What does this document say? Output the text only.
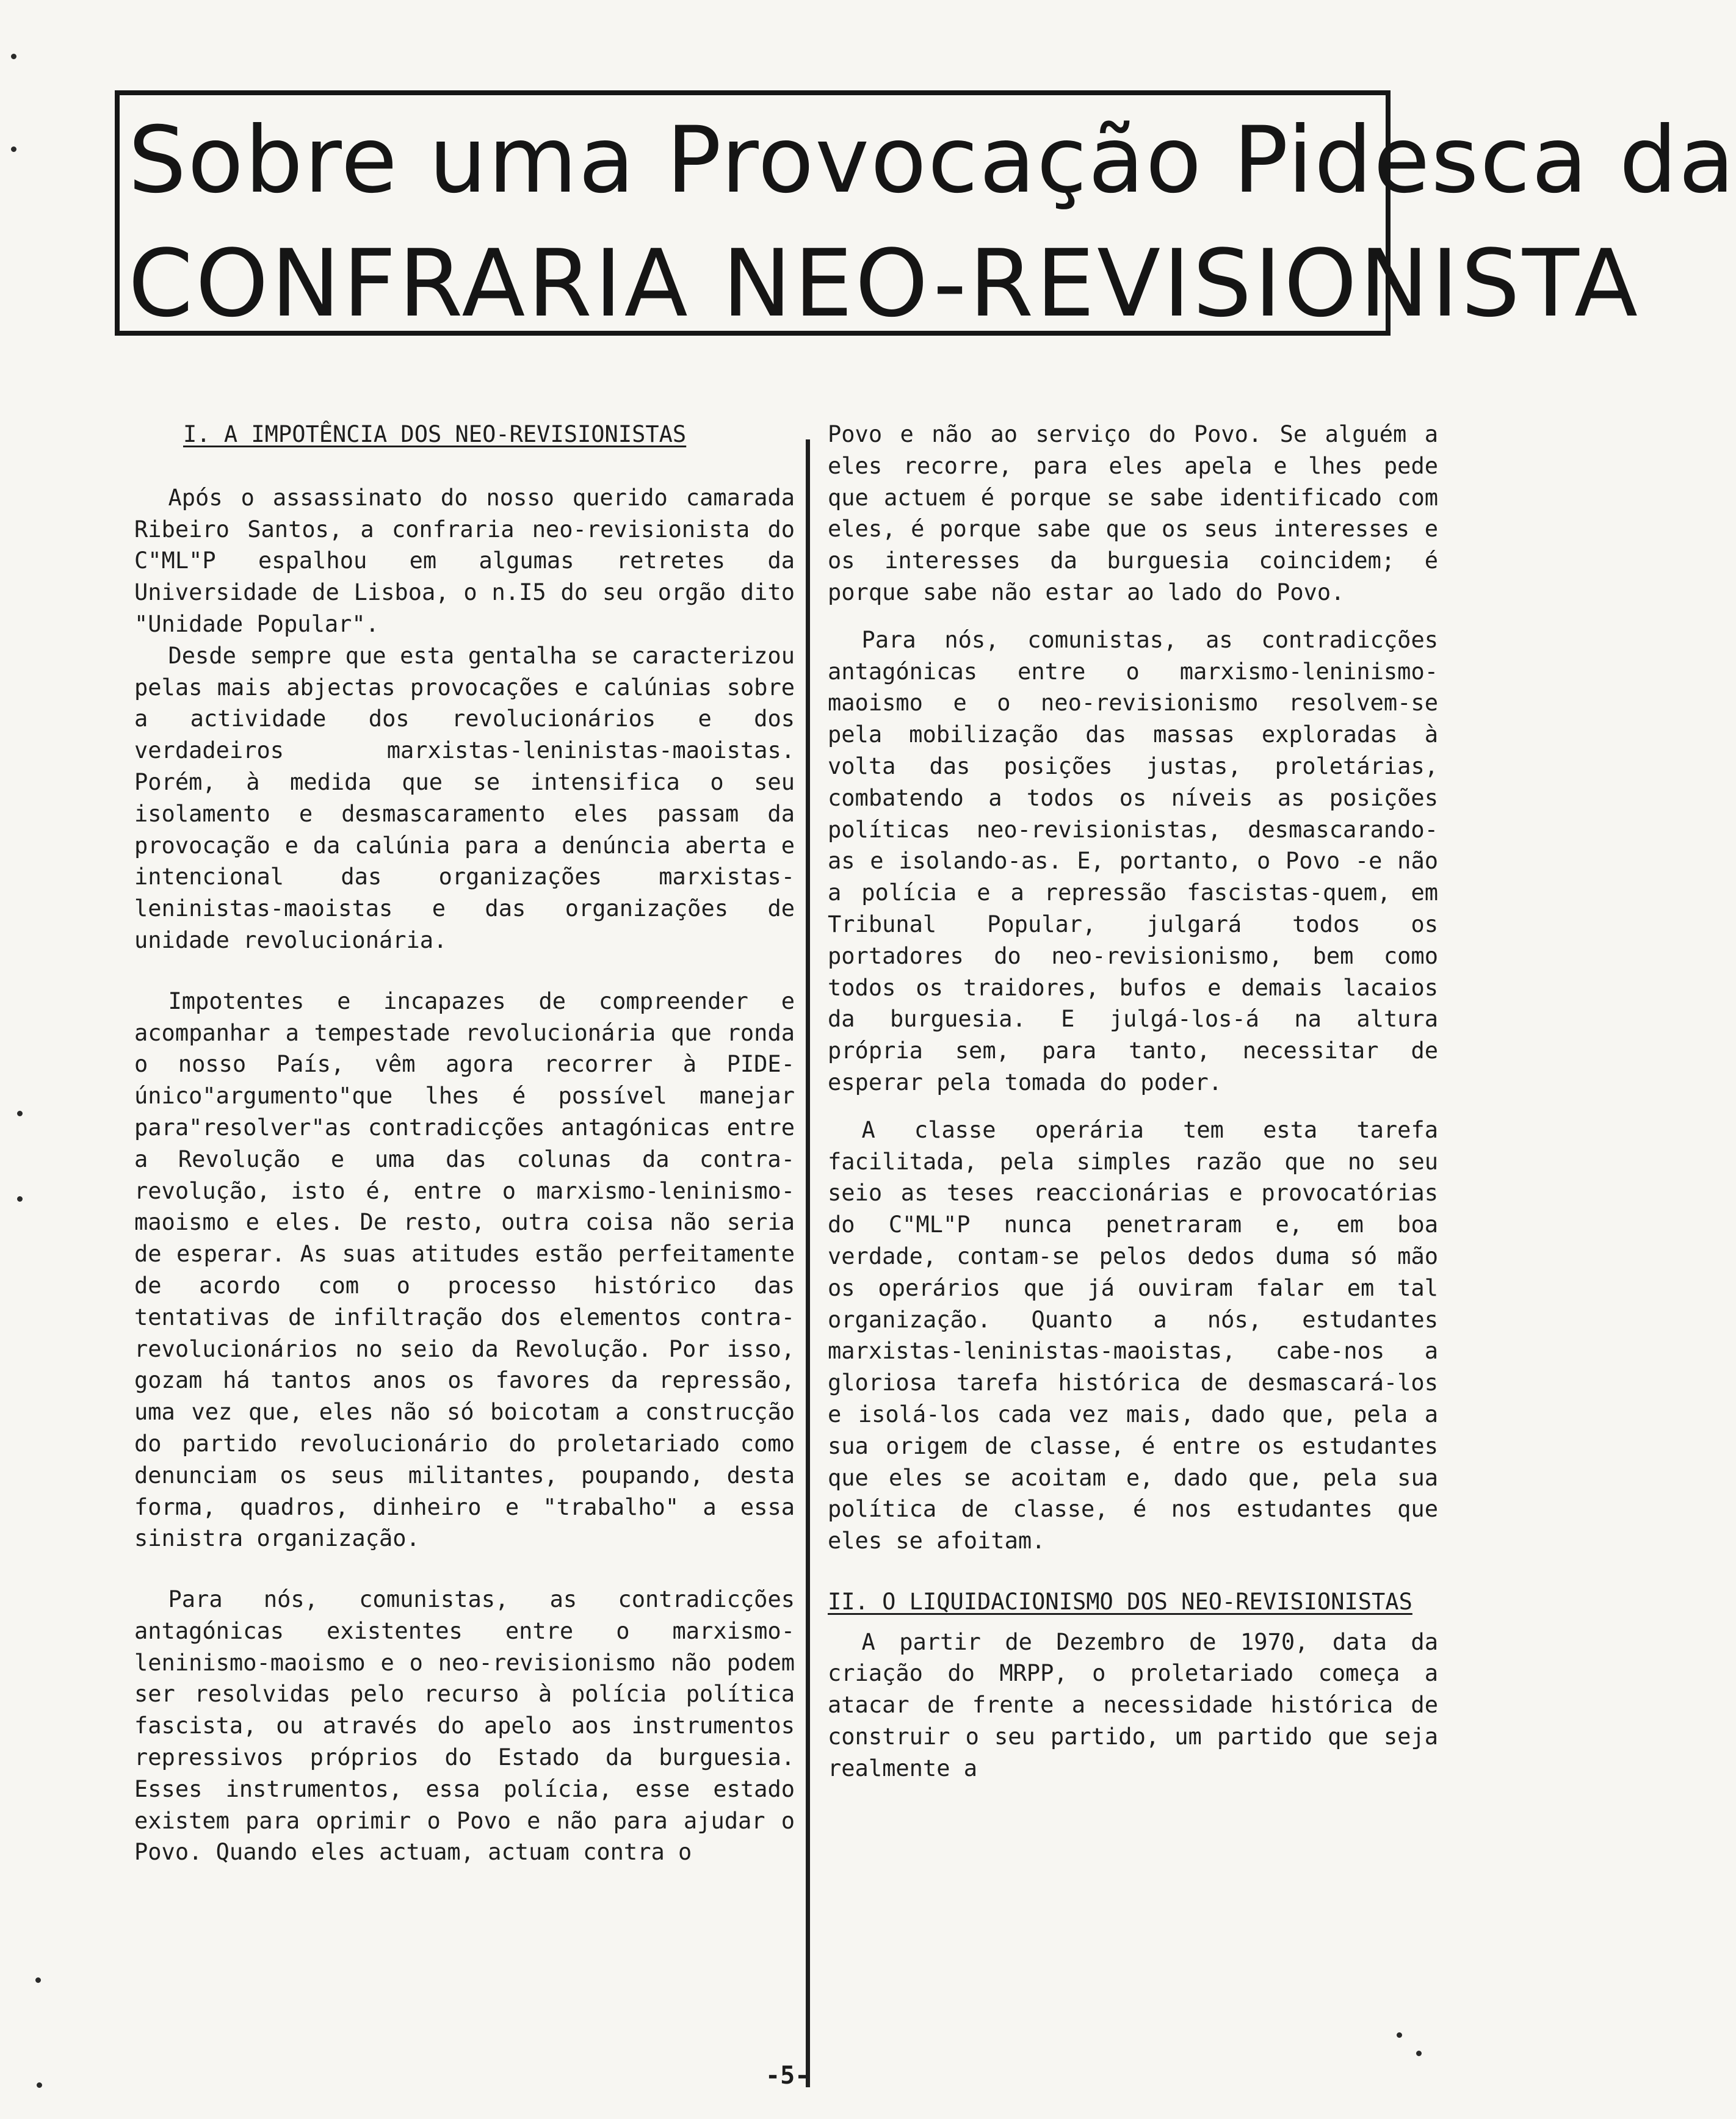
Sobre uma Provocação Pidesca da
CONFRARIA NEO-REVISIONISTA

I. A IMPOTÊNCIA DOS NEO-REVISIONISTAS

Após o assassinato do nosso querido camarada Ribeiro Santos, a confraria neo-revisionista do C"ML"P espalhou em algumas retretes da Universidade de Lisboa, o n.I5 do seu orgão dito "Unidade Popular".

Desde sempre que esta gentalha se caracterizou pelas mais abjectas provocações e calúnias sobre a actividade dos revolucionários e dos verdadeiros marxistas-leninistas-maoistas. Porém, à medida que se intensifica o seu isolamento e desmascaramento eles passam da provocação e da calúnia para a denúncia aberta e intencional das organizações marxistas-leninistas-maoistas e das organizações de unidade revolucionária.

Impotentes e incapazes de compreender e acompanhar a tempestade revolucionária que ronda o nosso País, vêm agora recorrer à PIDE-único"argumento"que lhes é possível manejar para"resolver"as contradicções antagónicas entre a Revolução e uma das colunas da contra-revolução, isto é, entre o marxismo-leninismo-maoismo e eles. De resto, outra coisa não seria de esperar. As suas atitudes estão perfeitamente de acordo com o processo histórico das tentativas de infiltração dos elementos contra-revolucionários no seio da Revolução. Por isso, gozam há tantos anos os favores da repressão, uma vez que, eles não só boicotam a construcção do partido revolucionário do proletariado como denunciam os seus militantes, poupando, desta forma, quadros, dinheiro e "trabalho" a essa sinistra organização.

Para nós, comunistas, as contradicções antagónicas existentes entre o marxismo-leninismo-maoismo e o neo-revisionismo não podem ser resolvidas pelo recurso à polícia política fascista, ou através do apelo aos instrumentos repressivos próprios do Estado da burguesia. Esses instrumentos, essa polícia, esse estado existem para oprimir o Povo e não para ajudar o Povo. Quando eles actuam, actuam contra o

Povo e não ao serviço do Povo. Se alguém a eles recorre, para eles apela e lhes pede que actuem é porque se sabe identificado com eles, é porque sabe que os seus interesses e os interesses da burguesia coincidem; é porque sabe não estar ao lado do Povo.

Para nós, comunistas, as contradicções antagónicas entre o marxismo-leninismo-maoismo e o neo-revisionismo resolvem-se pela mobilização das massas exploradas à volta das posições justas, proletárias, combatendo a todos os níveis as posições políticas neo-revisionistas, desmascarando-as e isolando-as. E, portanto, o Povo -e não a polícia e a repressão fascistas-quem, em Tribunal Popular, julgará todos os portadores do neo-revisionismo, bem como todos os traidores, bufos e demais lacaios da burguesia. E julgá-los-á na altura própria sem, para tanto, necessitar de esperar pela tomada do poder.

A classe operária tem esta tarefa facilitada, pela simples razão que no seu seio as teses reaccionárias e provocatórias do C"ML"P nunca penetraram e, em boa verdade, contam-se pelos dedos duma só mão os operários que já ouviram falar em tal organização. Quanto a nós, estudantes marxistas-leninistas-maoistas, cabe-nos a gloriosa tarefa histórica de desmascará-los e isolá-los cada vez mais, dado que, pela a sua origem de classe, é entre os estudantes que eles se acoitam e, dado que, pela sua política de classe, é nos estudantes que eles se afoitam.

II. O LIQUIDACIONISMO DOS NEO-REVISIONISTAS

A partir de Dezembro de 1970, data da criação do MRPP, o proletariado começa a atacar de frente a necessidade histórica de construir o seu partido, um partido que seja realmente a

-5-
